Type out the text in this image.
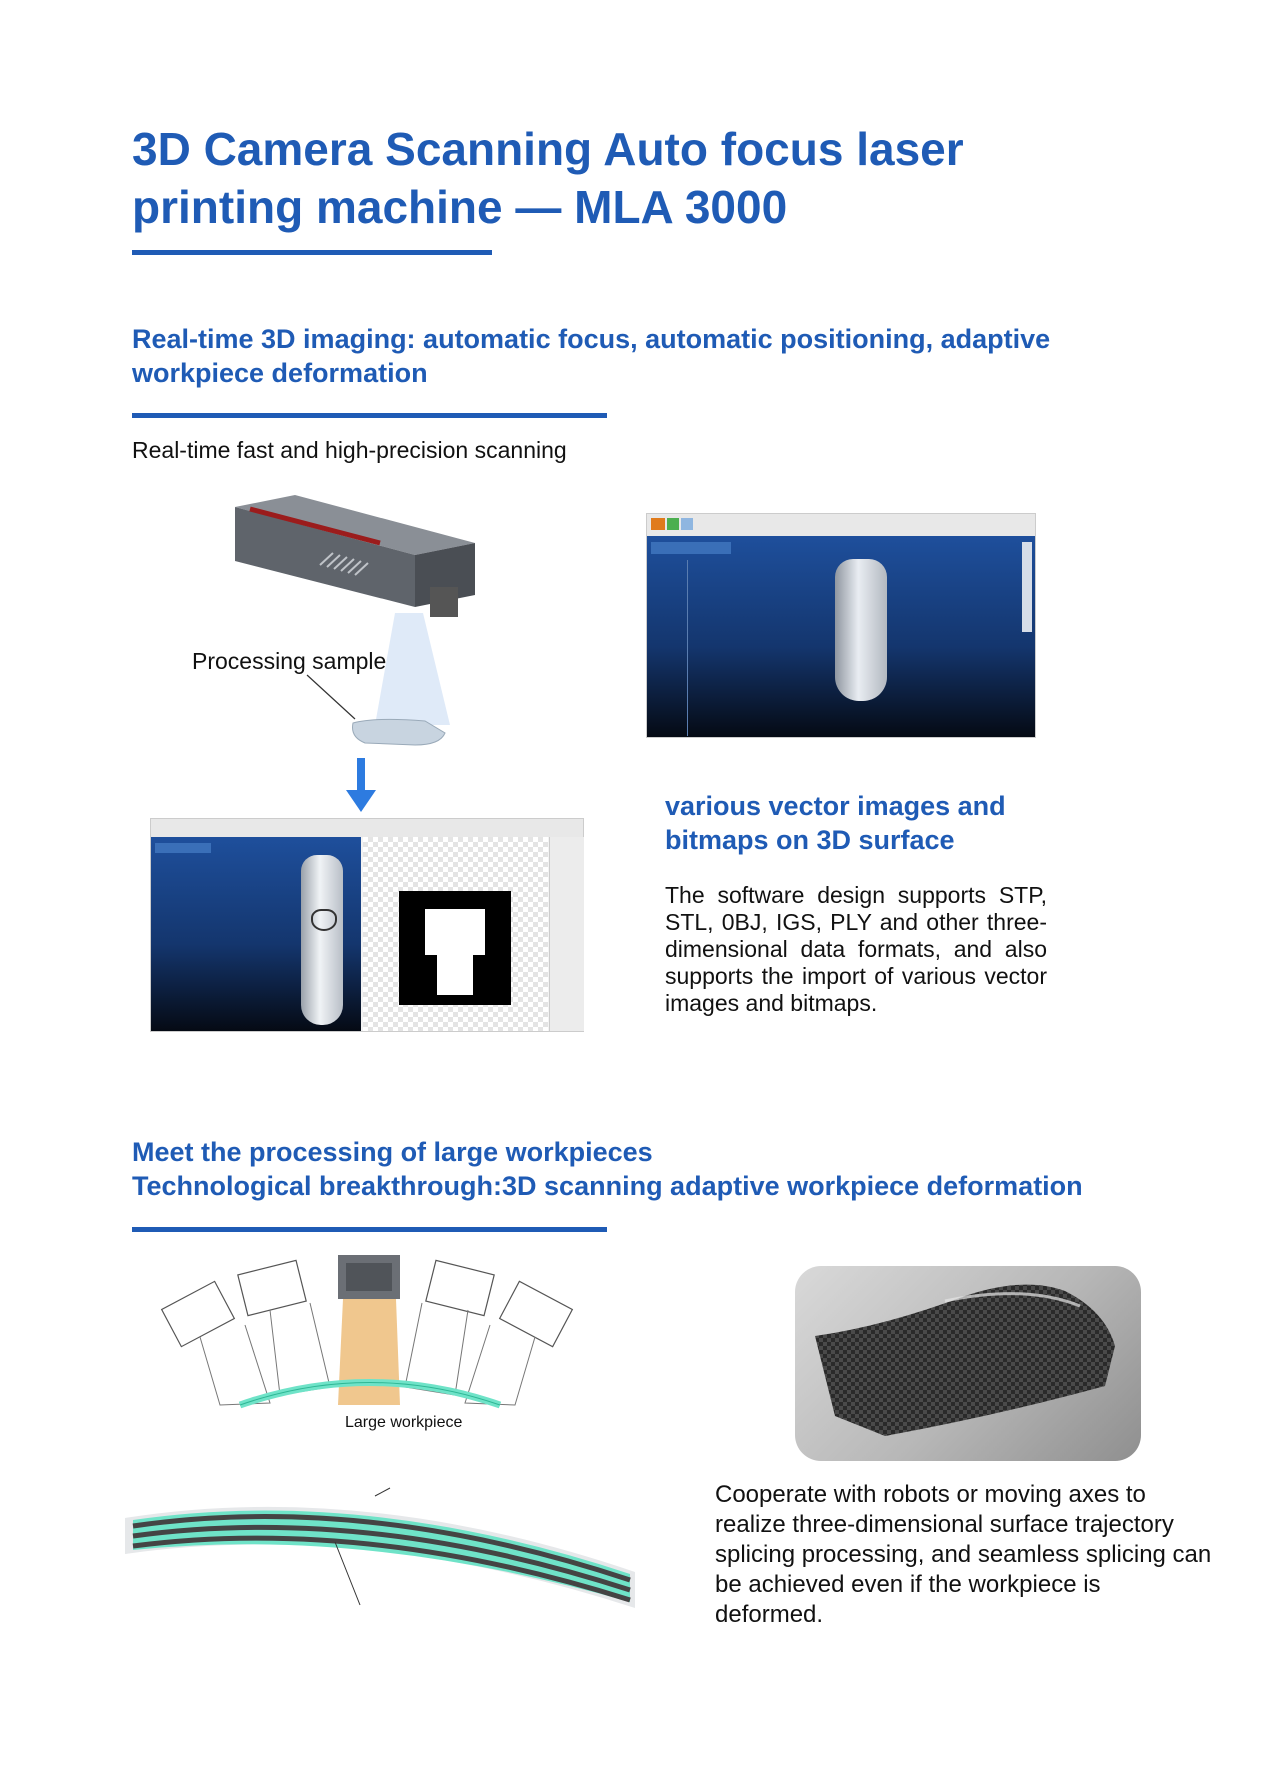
3D Camera Scanning Auto focus laser
printing machine — MLA 3000
Real-time 3D imaging: automatic focus, automatic positioning, adaptive
workpiece deformation
Real-time fast and high-precision scanning
Processing sample
various vector images and
bitmaps on 3D surface
The software design supports STP, STL, 0BJ, IGS, PLY and other three-dimensional data formats, and also supports the import of various vector images and bitmaps.
Meet the processing of large workpieces
Technological breakthrough:3D scanning adaptive workpiece deformation
Large workpiece
Cooperate with robots or moving axes to realize three-dimensional surface trajectory splicing processing, and seamless splicing can be achieved even if the workpiece is deformed.
